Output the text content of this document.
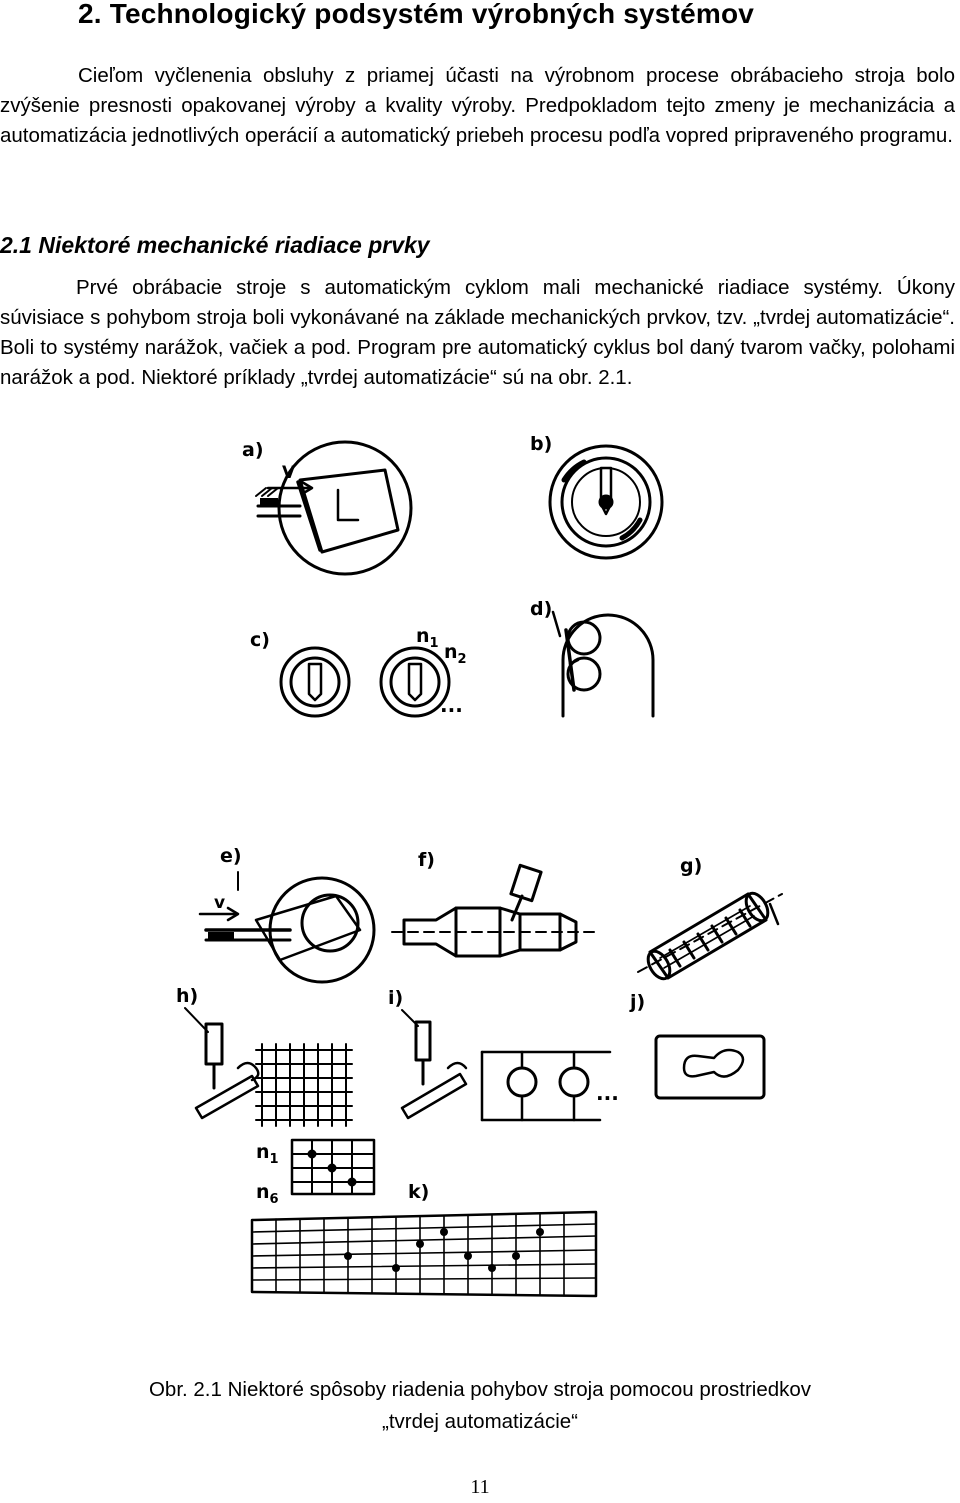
2. Technologický podsystém výrobných systémov

Cieľom vyčlenenia obsluhy z priamej účasti na výrobnom procese obrábacieho stroja bolo zvýšenie presnosti opakovanej výroby a kvality výroby. Predpokladom tejto zmeny je mechanizácia a automatizácia jednotlivých operácií a automatický priebeh procesu podľa vopred pripraveného programu.

2.1 Niektoré mechanické riadiace prvky

Prvé obrábacie stroje s automatickým cyklom mali mechanické riadiace systémy. Úkony súvisiace s pohybom stroja boli vykonávané na základe mechanických prvkov, tzv. „tvrdej automatizácie“. Boli to systémy narážok, vačiek a pod. Program pre automatický cyklus bol daný tvarom vačky, polohami narážok a pod. Niektoré príklady „tvrdej automatizácie“ sú na obr. 2.1.

a)
V
b)
c)	$n_1$ $n_2$
...
d)
e)
v
f)	g)
h)
$n_1$
$n_6$
i)
...
j)
k)

Obr. 2.1 Niektoré spôsoby riadenia pohybov stroja pomocou prostriedkov
„tvrdej automatizácie“

11
